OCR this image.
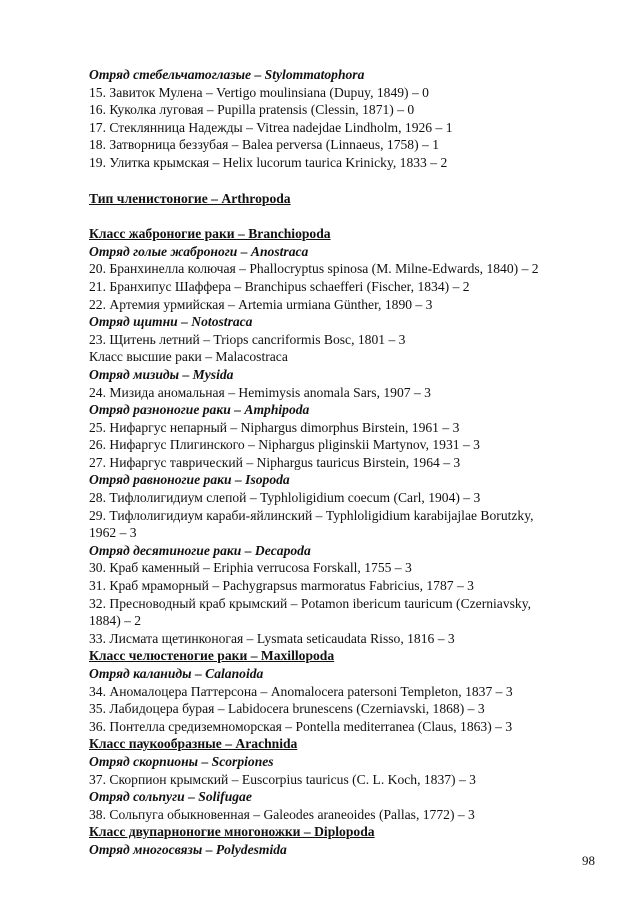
Отряд стебельчатоглазые – Stylommatophora
15. Завиток Мулена – Vertigo moulinsiana (Dupuy, 1849) – 0
16. Куколка луговая – Pupilla pratensis (Clessin, 1871) – 0
17. Стеклянница Надежды – Vitrea nadejdae Lindholm, 1926 – 1
18. Затворница беззубая – Balea perversa (Linnaeus, 1758) – 1
19. Улитка крымская – Helix lucorum taurica Krinicky, 1833 – 2
Тип членистоногие – Arthropoda
Класс жаброногие раки – Branchiopoda
Отряд голые жаброноги – Anostraca
20. Бранхинелла колючая – Phallocryptus spinosa (M. Milne-Edwards, 1840) – 2
21. Бранхипус Шаффера – Branchipus schaefferi (Fischer, 1834) – 2
22. Артемия урмийская – Artemia urmiana Günther, 1890 – 3
Отряд щитни – Notostraca
23. Щитень летний – Triops cancriformis Bosc, 1801 – 3
Класс высшие раки – Malacostraca
Отряд мизиды – Mysida
24. Мизида аномальная – Hemimysis anomala Sars, 1907 – 3
Отряд разноногие раки – Amphipoda
25. Нифаргус непарный – Niphargus dimorphus Birstein, 1961 – 3
26. Нифаргус Плигинского – Niphargus pliginskii Martynov, 1931 – 3
27. Нифаргус таврический – Niphargus tauricus Birstein, 1964 – 3
Отряд равноногие раки – Isopoda
28. Тифлолигидиум слепой – Typhloligidium coecum (Carl, 1904) – 3
29. Тифлолигидиум караби-яйлинский – Typhloligidium karabijajlae Borutzky,
1962 – 3
Отряд десятиногие раки – Decapoda
30. Краб каменный – Eriphia verrucosa Forskall, 1755 – 3
31. Краб мраморный – Pachygrapsus marmoratus Fabricius, 1787 – 3
32. Пресноводный краб крымский – Potamon ibericum tauricum (Czerniavsky,
1884) – 2
33. Лисмата щетинконогая – Lysmata seticaudata Risso, 1816 – 3
Класс челюстеногие раки – Maxillopoda
Отряд каланиды – Calanoida
34. Аномалоцера Паттерсона – Anomalocera patersoni Templeton, 1837 – 3
35. Лабидоцера бурая – Labidocera brunescens (Czerniavski, 1868) – 3
36. Понтелла средиземноморская – Pontella mediterranea (Claus, 1863) – 3
Класс паукообразные – Arachnida
Отряд скорпионы – Scorpiones
37. Скорпион крымский – Euscorpius tauricus (C. L. Koch, 1837) – 3
Отряд сольпуги – Solifugae
38. Сольпуга обыкновенная – Galeodes araneoides (Pallas, 1772) – 3
Класс двупарноногие многоножки – Diplopoda
Отряд многосвязы – Polydesmida
98
